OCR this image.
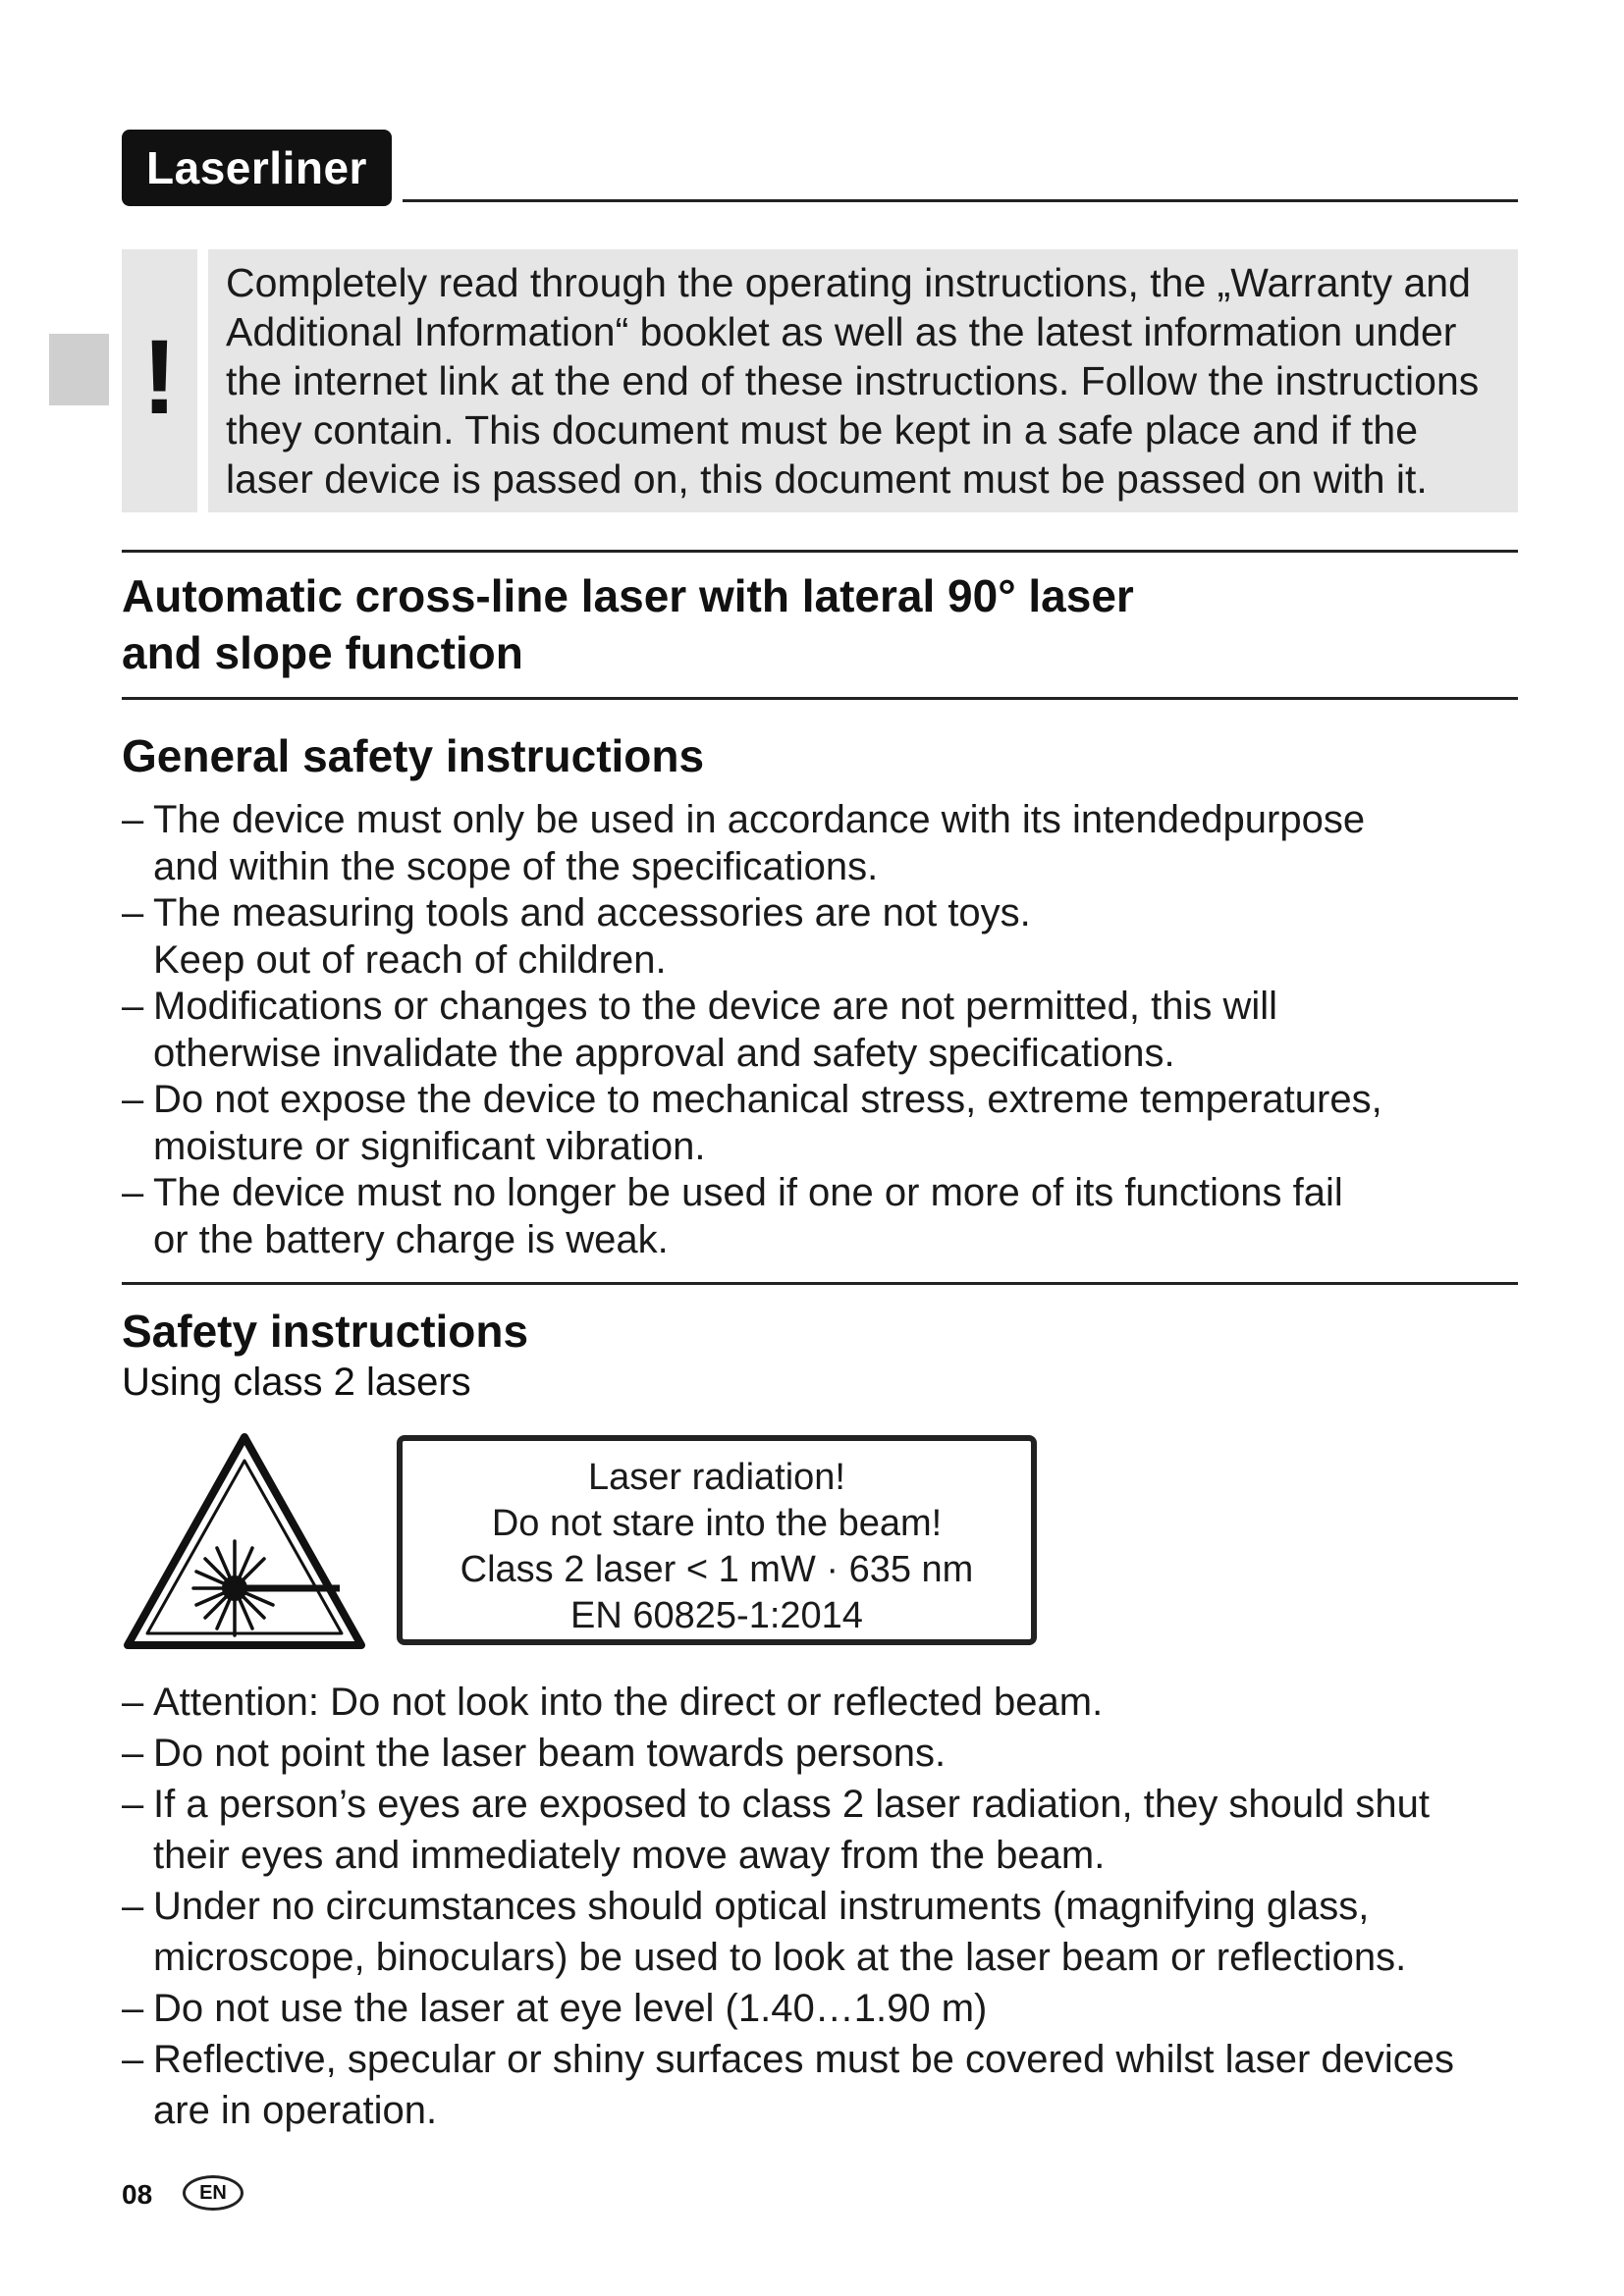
Laserliner
!
Completely read through the operating instructions, the „Warranty and
Additional Information“ booklet as well as the latest information under
the internet link at the end of these instructions. Follow the instructions
they contain. This document must be kept in a safe place and if the
laser device is passed on, this document must be passed on with it.
Automatic cross-line laser with lateral 90° laser
and slope function
General safety instructions
– The device must only be used in accordance with its intendedpurpose
and within the scope of the specifications.
– The measuring tools and accessories are not toys.
Keep out of reach of children.
– Modifications or changes to the device are not permitted, this will
otherwise invalidate the approval and safety specifications.
– Do not expose the device to mechanical stress, extreme temperatures,
moisture or significant vibration.
– The device must no longer be used if one or more of its functions fail
or the battery charge is weak.
Safety instructions
Using class 2 lasers
Laser radiation!
Do not stare into the beam!
Class 2 laser < 1 mW · 635 nm
EN 60825-1:2014
– Attention: Do not look into the direct or reflected beam.
– Do not point the laser beam towards persons.
– If a person’s eyes are exposed to class 2 laser radiation, they should shut
their eyes and immediately move away from the beam.
– Under no circumstances should optical instruments (magnifying glass,
microscope, binoculars) be used to look at the laser beam or reflections.
– Do not use the laser at eye level (1.40…1.90 m)
– Reflective, specular or shiny surfaces must be covered whilst laser devices
are in operation.
08	EN
